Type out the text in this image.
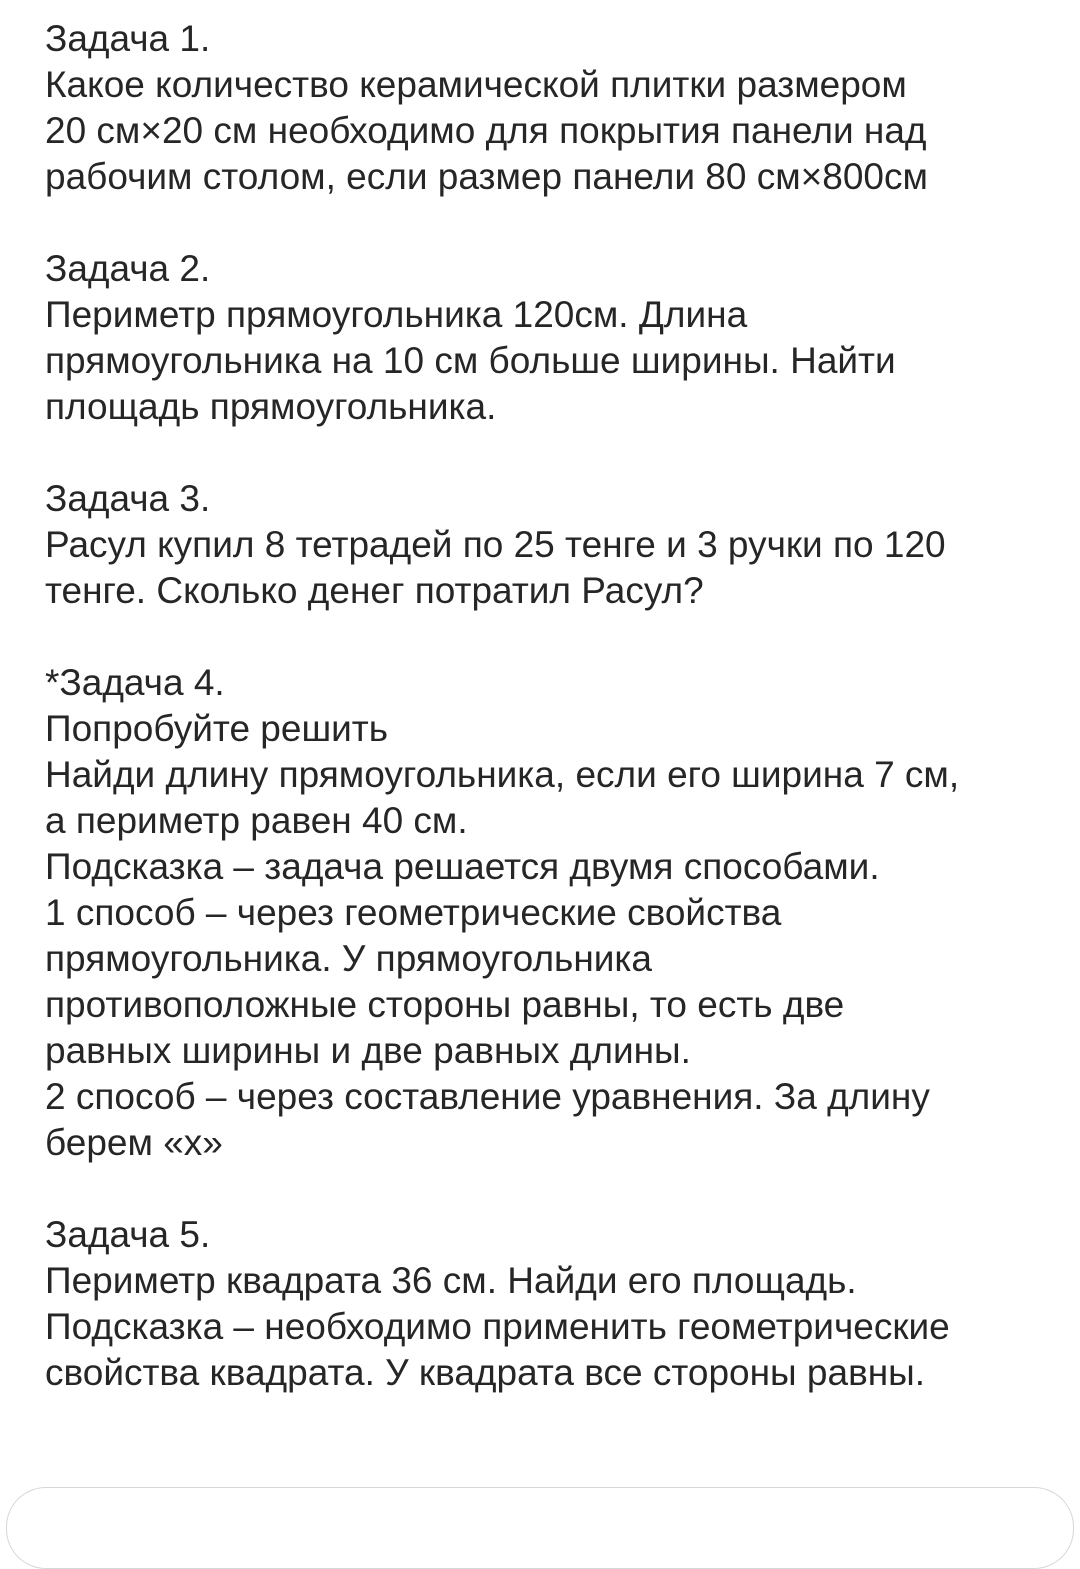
Задача 1.
Какое количество керамической плитки размером
20 см×20 см необходимо для покрытия панели над
рабочим столом, если размер панели 80 см×800см
Задача 2.
Периметр прямоугольника 120см. Длина
прямоугольника на 10 см больше ширины. Найти
площадь прямоугольника.
Задача 3.
Расул купил 8 тетрадей по 25 тенге и 3 ручки по 120
тенге. Сколько денег потратил Расул?
*Задача 4.
Попробуйте решить
Найди длину прямоугольника, если его ширина 7 см,
а периметр равен 40 см.
Подсказка – задача решается двумя способами.
1 способ – через геометрические свойства
прямоугольника. У прямоугольника
противоположные стороны равны, то есть две
равных ширины и две равных длины.
2 способ – через составление уравнения. За длину
берем «х»
Задача 5.
Периметр квадрата 36 см. Найди его площадь.
Подсказка – необходимо применить геометрические
свойства квадрата. У квадрата все стороны равны.
